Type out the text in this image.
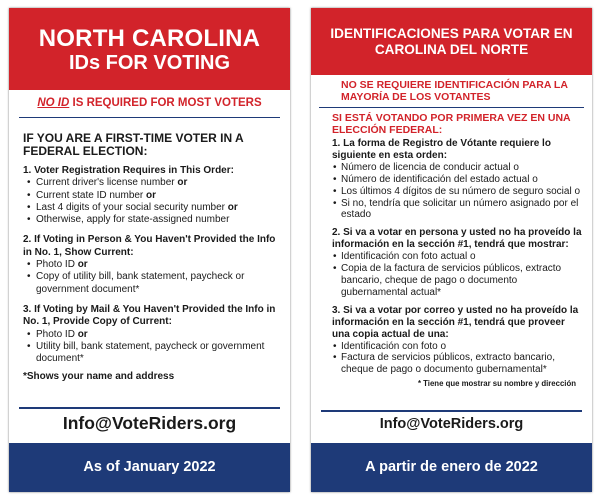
NORTH CAROLINA
IDs FOR VOTING
NO ID IS REQUIRED FOR MOST VOTERS
IF YOU ARE A FIRST-TIME VOTER IN A FEDERAL ELECTION:
1. Voter Registration Requires in This Order:
• Current driver's license number or
• Current state ID number or
• Last 4 digits of your social security number or
• Otherwise, apply for state-assigned number
2. If Voting in Person & You Haven't Provided the Info in No. 1, Show Current:
• Photo ID or
• Copy of utility bill, bank statement, paycheck or government document*
3. If Voting by Mail & You Haven't Provided the Info in No. 1, Provide Copy of Current:
• Photo ID or
• Utility bill, bank statement, paycheck or government document*
*Shows your name and address
Info@VoteRiders.org
As of January 2022
IDENTIFICACIONES PARA VOTAR EN CAROLINA DEL NORTE
NO SE REQUIERE IDENTIFICACIÓN PARA LA MAYORÍA DE LOS VOTANTES
SI ESTÁ VOTANDO POR PRIMERA VEZ EN UNA ELECCIÓN FEDERAL:
1. La forma de Registro de Vótante requiere lo siguiente en esta orden:
• Número de licencia de conducir actual o
• Número de identificación del estado actual o
• Los últimos 4 dígitos de su número de seguro social o
• Si no, tendría que solicitar un número asignado por el estado
2. Si va a votar en persona y usted no ha proveído la información en la sección #1, tendrá que mostrar:
• Identificación con foto actual o
• Copia de la factura de servicios públicos, extracto bancario, cheque de pago o documento gubernamental actual*
3. Si va a votar por correo y usted no ha proveído la información en la sección #1, tendrá que proveer una copia actual de una:
• Identificación con foto o
• Factura de servicios públicos, extracto bancario, cheque de pago o documento gubernamental*
* Tiene que mostrar su nombre y dirección
Info@VoteRiders.org
A partir de enero de 2022
